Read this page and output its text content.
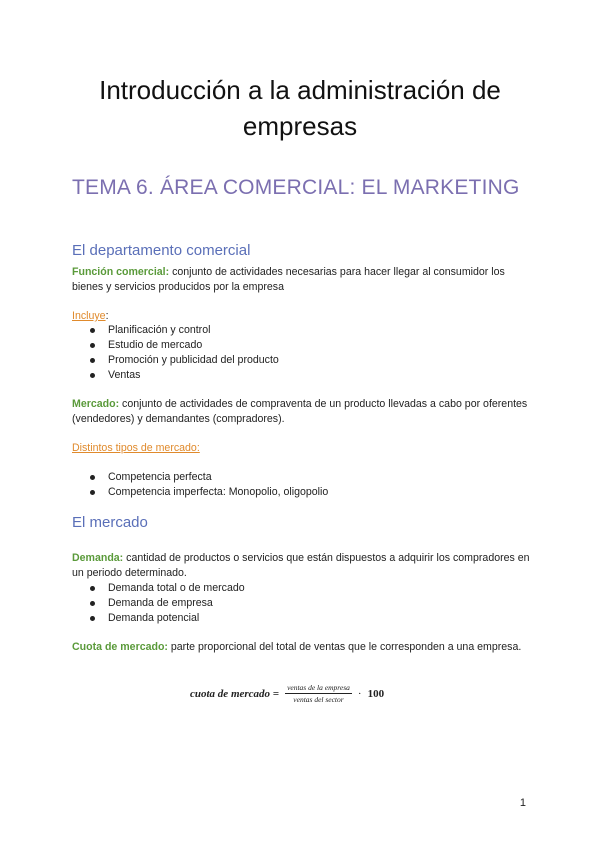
Introducción a la administración de empresas
TEMA 6. ÁREA COMERCIAL: EL MARKETING
El departamento comercial
Función comercial: conjunto de actividades necesarias para hacer llegar al consumidor los bienes y servicios producidos por la empresa
Incluye:
Planificación y control
Estudio de mercado
Promoción y publicidad del producto
Ventas
Mercado: conjunto de actividades de compraventa de un producto llevadas a cabo por oferentes (vendedores) y demandantes (compradores).
Distintos tipos de mercado:
Competencia perfecta
Competencia imperfecta: Monopolio, oligopolio
El mercado
Demanda: cantidad de productos o servicios que están dispuestos a adquirir los compradores en un periodo determinado.
Demanda total o de mercado
Demanda de empresa
Demanda potencial
Cuota de mercado: parte proporcional del total de ventas que le corresponden a una empresa.
cuota de mercado = $\frac{\text{ventas de la empresa}}{\text{ventas del sector}} \cdot 100$
1
